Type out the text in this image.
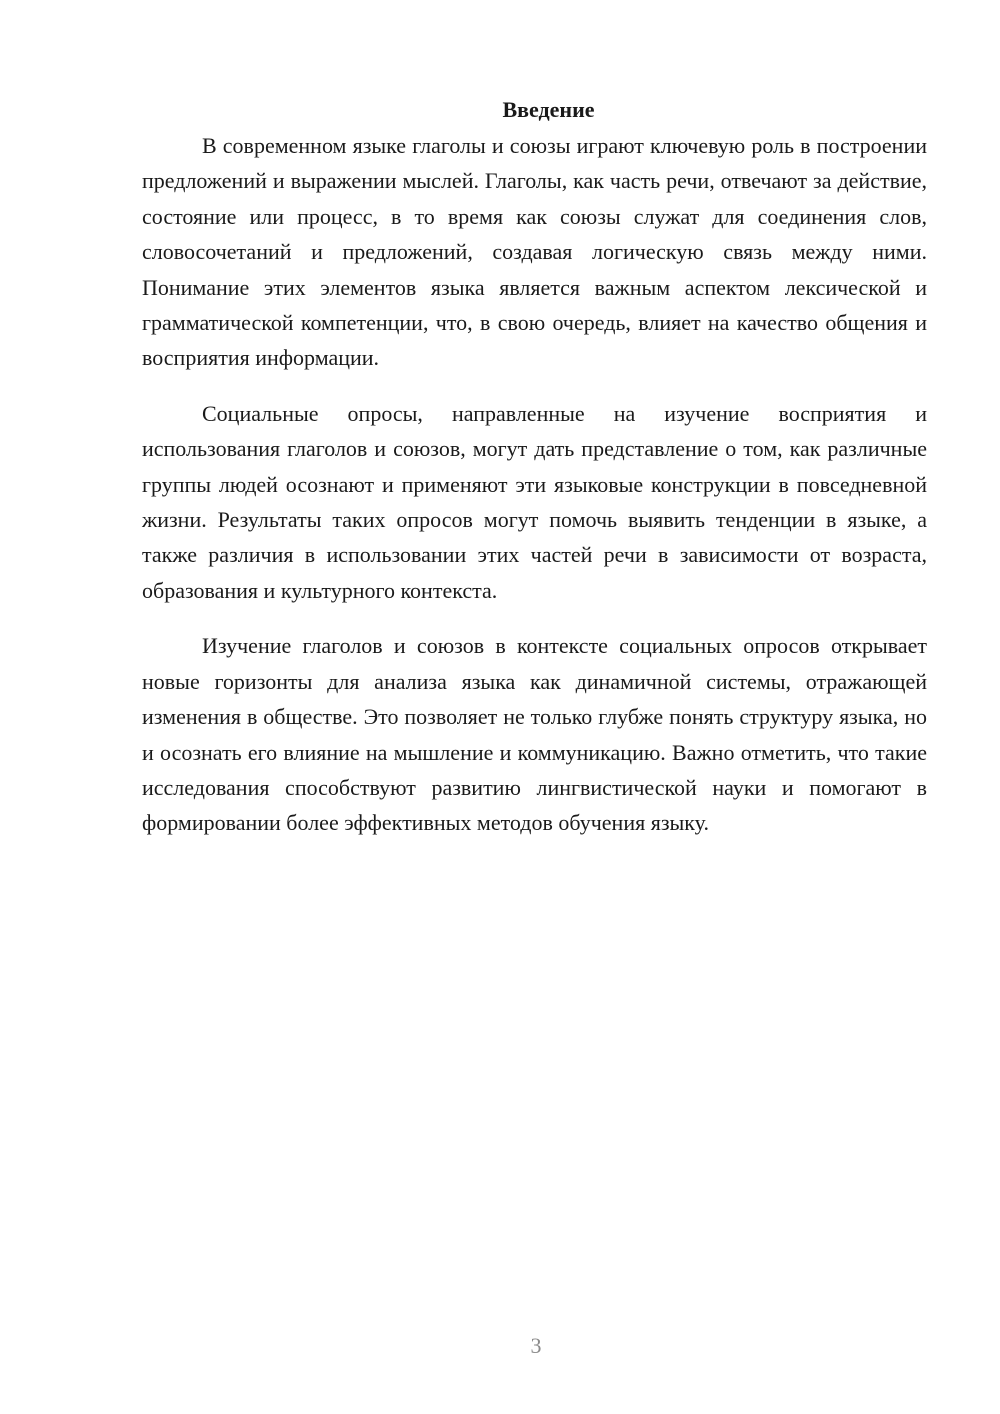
Введение

В современном языке глаголы и союзы играют ключевую роль в построении предложений и выражении мыслей. Глаголы, как часть речи, отвечают за действие, состояние или процесс, в то время как союзы служат для соединения слов, словосочетаний и предложений, создавая логическую связь между ними. Понимание этих элементов языка является важным аспектом лексической и грамматической компетенции, что, в свою очередь, влияет на качество общения и восприятия информации.

Социальные опросы, направленные на изучение восприятия и использования глаголов и союзов, могут дать представление о том, как различные группы людей осознают и применяют эти языковые конструкции в повседневной жизни. Результаты таких опросов могут помочь выявить тенденции в языке, а также различия в использовании этих частей речи в зависимости от возраста, образования и культурного контекста.

Изучение глаголов и союзов в контексте социальных опросов открывает новые горизонты для анализа языка как динамичной системы, отражающей изменения в обществе. Это позволяет не только глубже понять структуру языка, но и осознать его влияние на мышление и коммуникацию. Важно отметить, что такие исследования способствуют развитию лингвистической науки и помогают в формировании более эффективных методов обучения языку.

3
